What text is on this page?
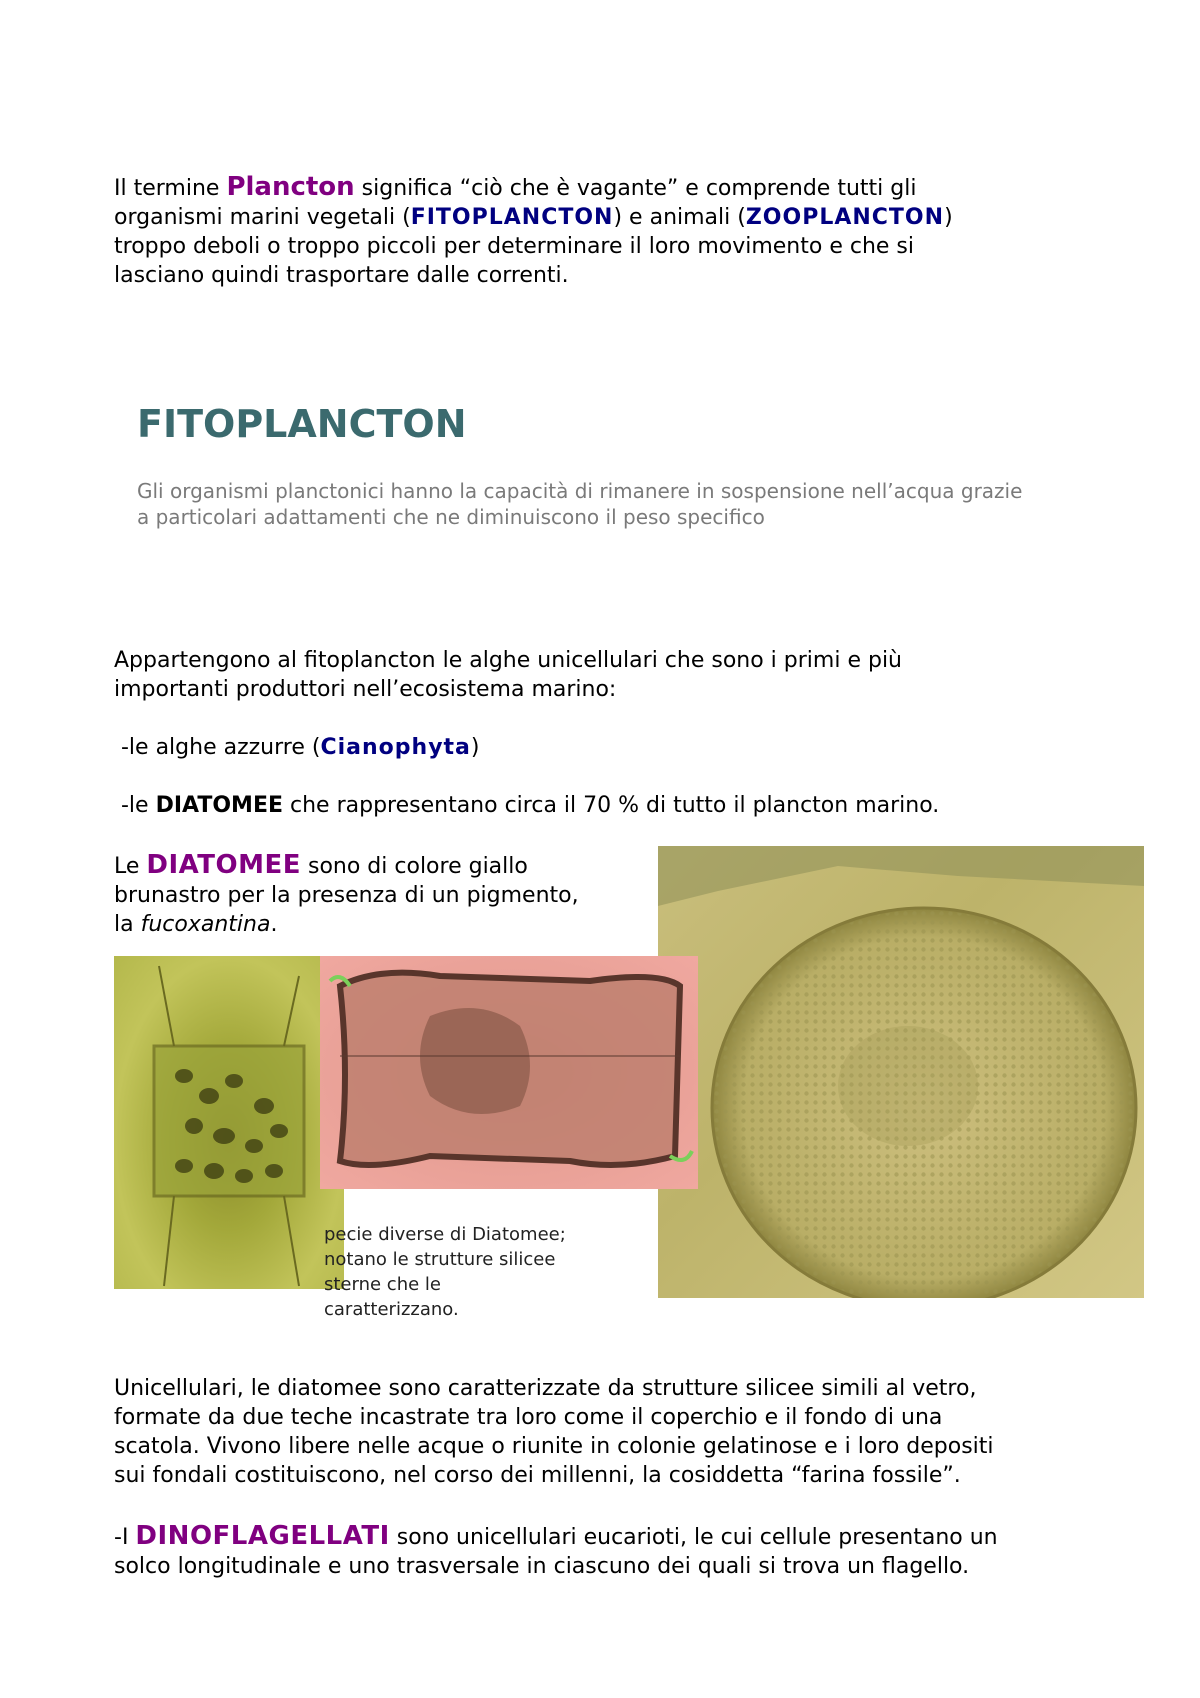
Il termine Plancton significa “ciò che è vagante” e comprende tutti gli
organismi marini vegetali (FITOPLANCTON) e animali (ZOOPLANCTON)
troppo deboli o troppo piccoli per determinare il loro movimento e che si
lasciano quindi trasportare dalle correnti.
FITOPLANCTON
Gli organismi planctonici hanno la capacità di rimanere in sospensione nell’acqua grazie
a particolari adattamenti che ne diminuiscono il peso specifico
Appartengono al fitoplancton le alghe unicellulari che sono i primi e più
importanti produttori nell’ecosistema marino:
-le alghe azzurre (Cianophyta)
-le DIATOMEE che rappresentano circa il 70 % di tutto il plancton marino.
Le DIATOMEE sono di colore giallo
brunastro per la presenza di un pigmento,
la fucoxantina.
pecie diverse di Diatomee;
notano le strutture silicee
sterne che le
caratterizzano.
Unicellulari, le diatomee sono caratterizzate da strutture silicee simili al vetro,
formate da due teche incastrate tra loro come il coperchio e il fondo di una
scatola. Vivono libere nelle acque o riunite in colonie gelatinose e i loro depositi
sui fondali costituiscono, nel corso dei millenni, la cosiddetta “farina fossile”.
-I DINOFLAGELLATI sono unicellulari eucarioti, le cui cellule presentano un
solco longitudinale e uno trasversale in ciascuno dei quali si trova un flagello.
